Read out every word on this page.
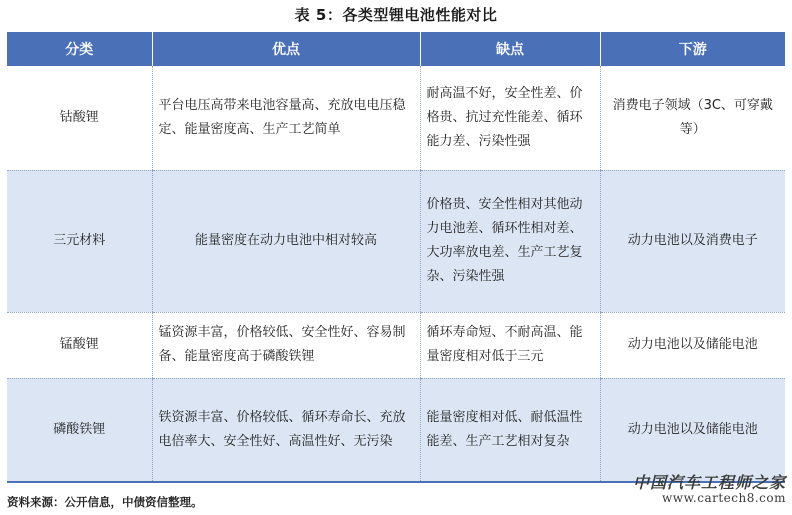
表 5：各类型锂电池性能对比
分类	优点	缺点	下游
钴酸锂	平台电压高带来电池容量高、充放电电压稳定、能量密度高、生产工艺简单	耐高温不好，安全性差、价格贵、抗过充性能差、循环能力差、污染性强	消费电子领域（3C、可穿戴等）
三元材料	能量密度在动力电池中相对较高	价格贵、安全性相对其他动力电池差、循环性相对差、大功率放电差、生产工艺复杂、污染性强	动力电池以及消费电子
锰酸锂	锰资源丰富，价格较低、安全性好、容易制备、能量密度高于磷酸铁锂	循环寿命短、不耐高温、能量密度相对低于三元	动力电池以及储能电池
磷酸铁锂	铁资源丰富、价格较低、循环寿命长、充放电倍率大、安全性好、高温性好、无污染	能量密度相对低、耐低温性能差、生产工艺相对复杂	动力电池以及储能电池
资料来源：公开信息，中债资信整理。
中国汽车工程师之家
www.cartech8.com
